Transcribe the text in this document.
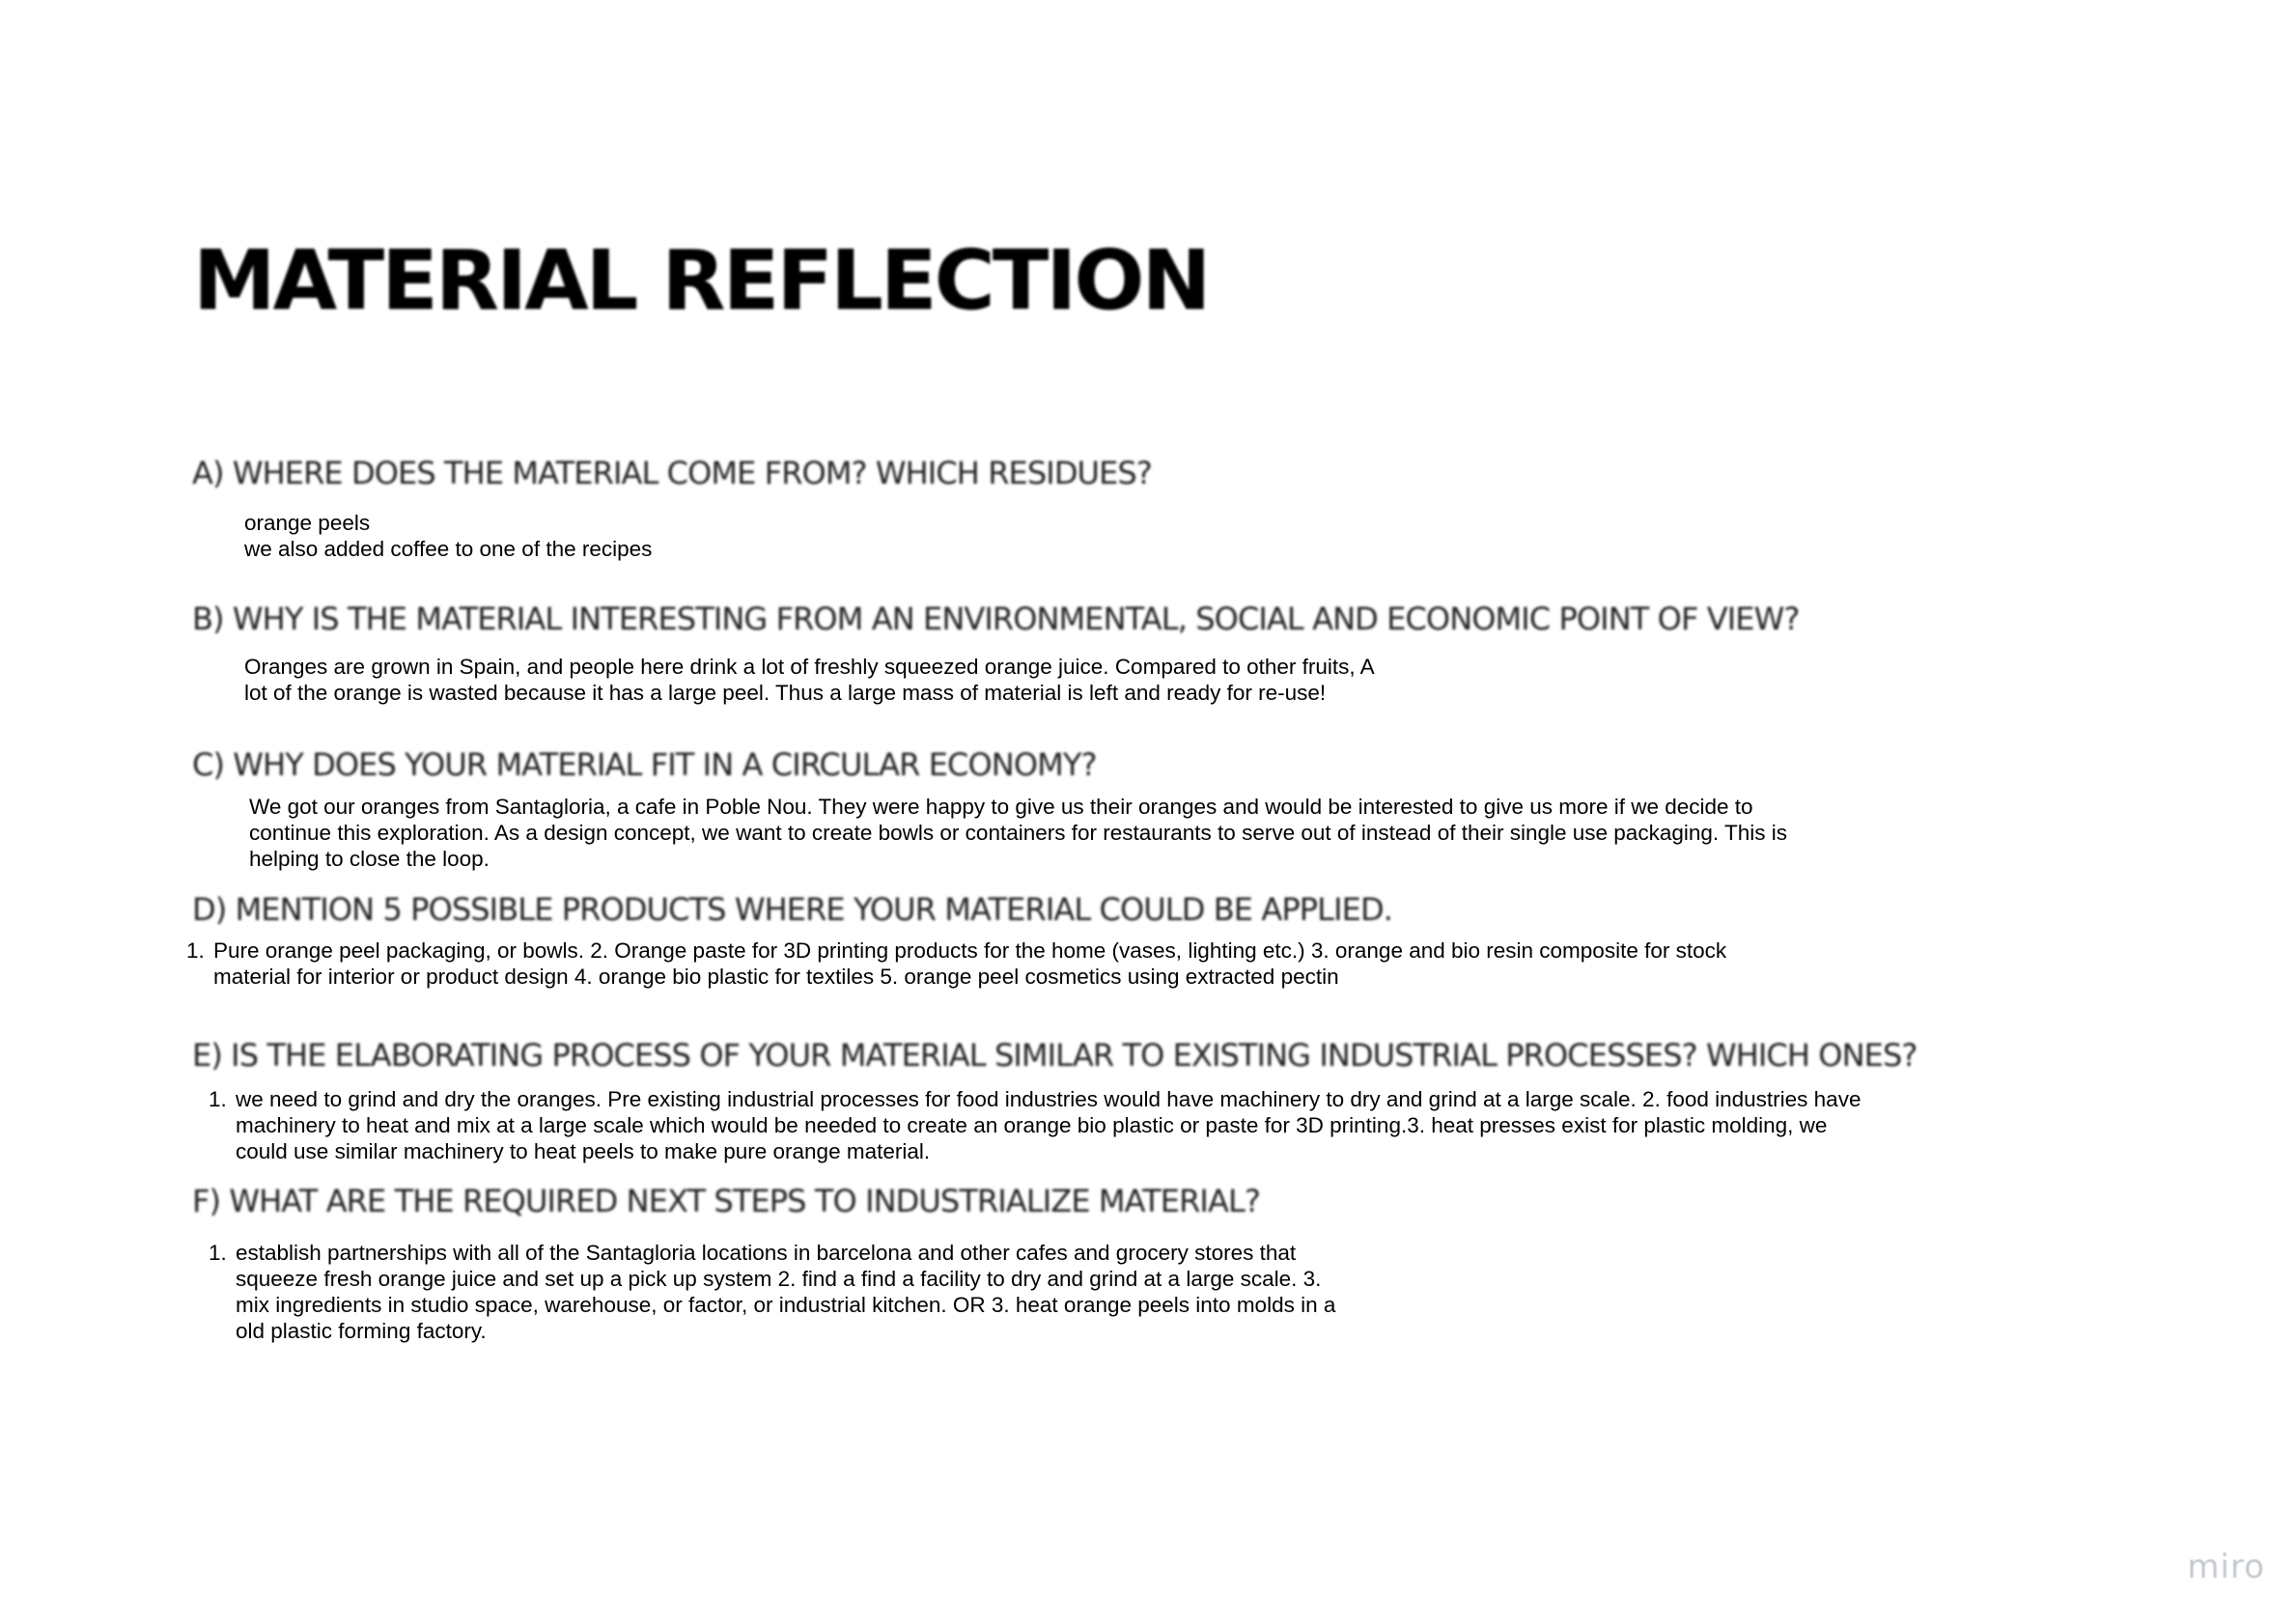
MATERIAL REFLECTION
A) WHERE DOES THE MATERIAL COME FROM? WHICH RESIDUES?
orange peels
we also added coffee to one of the recipes
B) WHY IS THE MATERIAL INTERESTING FROM AN ENVIRONMENTAL, SOCIAL AND ECONOMIC POINT OF VIEW?
Oranges are grown in Spain, and people here drink a lot of freshly squeezed orange juice. Compared to other fruits, A
lot of the orange is wasted because it has a large peel. Thus a large mass of material is left and ready for re-use!
C) WHY DOES YOUR MATERIAL FIT IN A CIRCULAR ECONOMY?
We got our oranges from Santagloria, a cafe in Poble Nou. They were happy to give us their oranges and would be interested to give us more if we decide to
continue this exploration. As a design concept, we want to create bowls or containers for restaurants to serve out of instead of their single use packaging. This is
helping to close the loop.
D) MENTION 5 POSSIBLE PRODUCTS WHERE YOUR MATERIAL COULD BE APPLIED.
1. Pure orange peel packaging, or bowls. 2. Orange paste for 3D printing products for the home (vases, lighting etc.) 3. orange and bio resin composite for stock
material for interior or product design 4. orange bio plastic for textiles 5. orange peel cosmetics using extracted pectin
E) IS THE ELABORATING PROCESS OF YOUR MATERIAL SIMILAR TO EXISTING INDUSTRIAL PROCESSES? WHICH ONES?
1. we need to grind and dry the oranges. Pre existing industrial processes for food industries would have machinery to dry and grind at a large scale. 2. food industries have
machinery to heat and mix at a large scale which would be needed to create an orange bio plastic or paste for 3D printing.3. heat presses exist for plastic molding, we
could use similar machinery to heat peels to make pure orange material.
F) WHAT ARE THE REQUIRED NEXT STEPS TO INDUSTRIALIZE MATERIAL?
1. establish partnerships with all of the Santagloria locations in barcelona and other cafes and grocery stores that
squeeze fresh orange juice and set up a pick up system 2. find a find a facility to dry and grind at a large scale. 3.
mix ingredients in studio space, warehouse, or factor, or industrial kitchen. OR 3. heat orange peels into molds in a
old plastic forming factory.
miro
